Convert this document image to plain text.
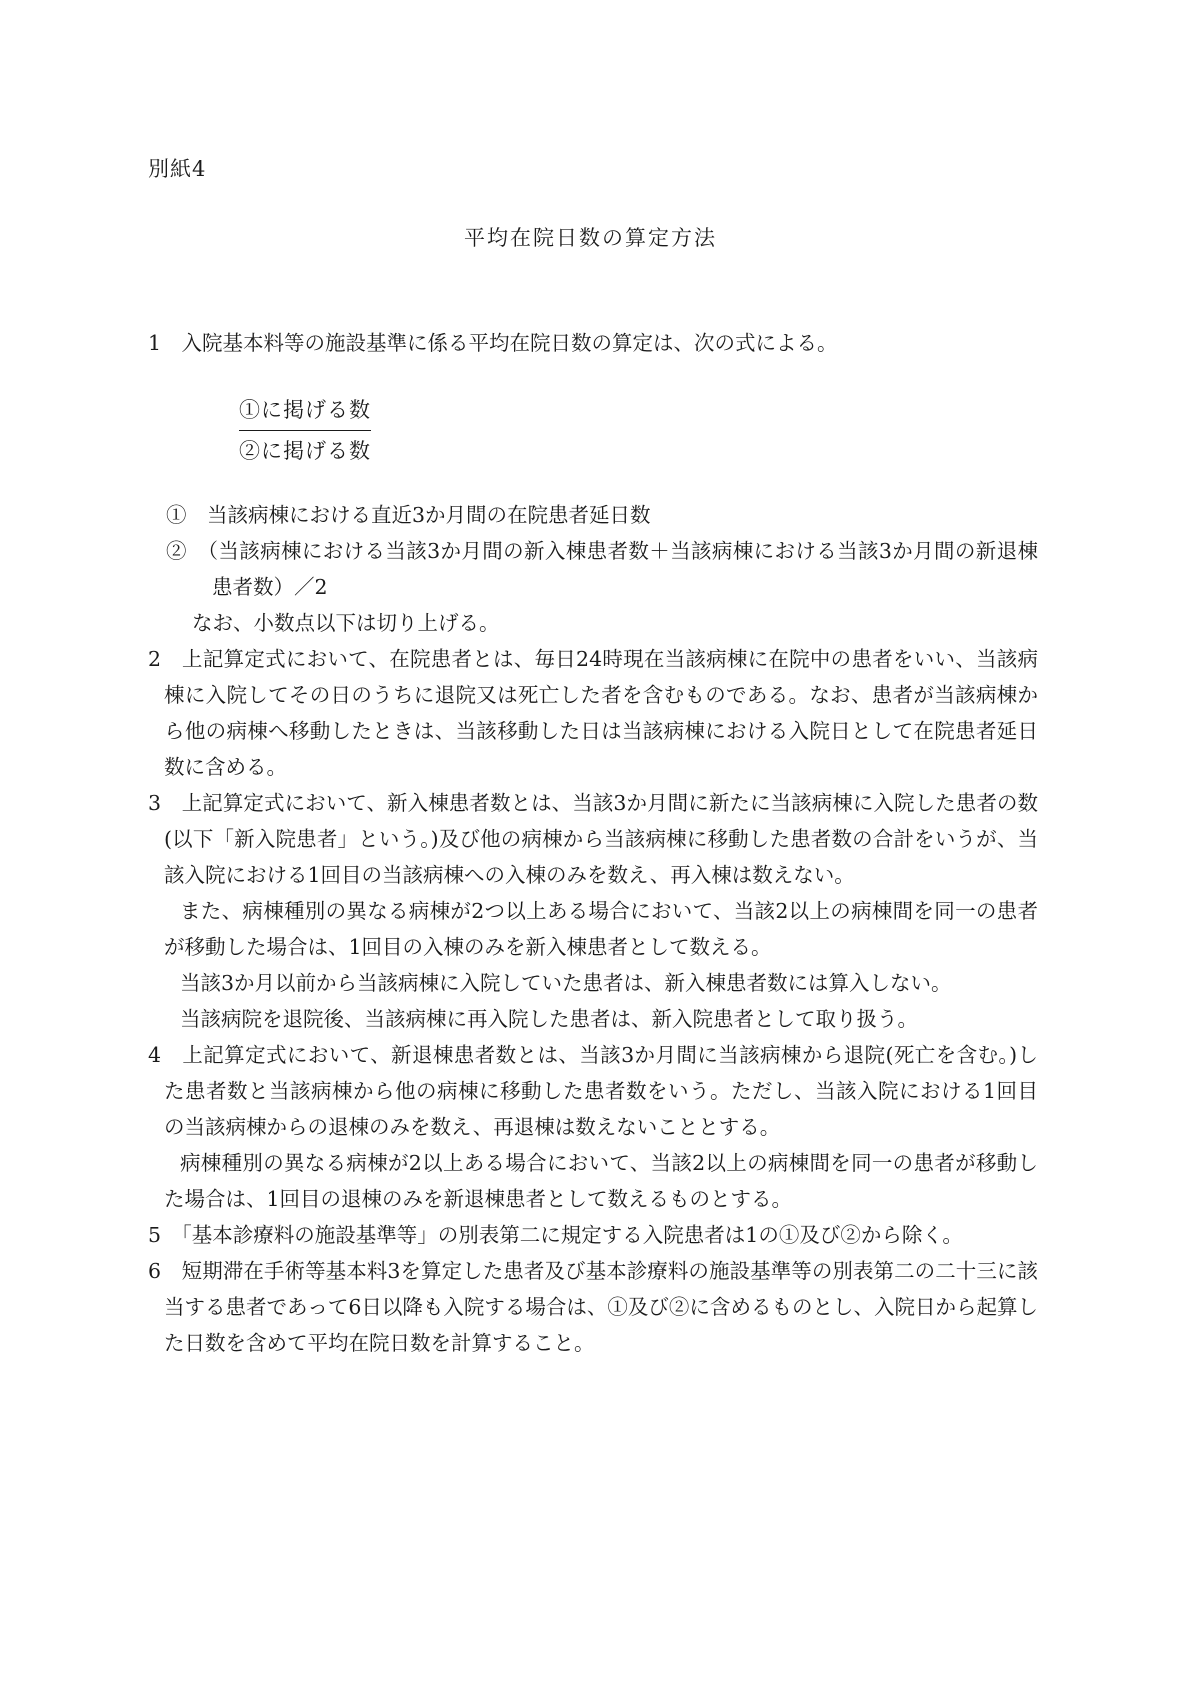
別紙4
平均在院日数の算定方法

1　入院基本料等の施設基準に係る平均在院日数の算定は、次の式による。

①に掲げる数
②に掲げる数

①　当該病棟における直近3か月間の在院患者延日数

②　（当該病棟における当該3か月間の新入棟患者数＋当該病棟における当該3か月間の新退棟患者数）／2

なお、小数点以下は切り上げる。

2　上記算定式において、在院患者とは、毎日24時現在当該病棟に在院中の患者をいい、当該病棟に入院してその日のうちに退院又は死亡した者を含むものである。なお、患者が当該病棟から他の病棟へ移動したときは、当該移動した日は当該病棟における入院日として在院患者延日数に含める。

3　上記算定式において、新入棟患者数とは、当該3か月間に新たに当該病棟に入院した患者の数(以下「新入院患者」という。)及び他の病棟から当該病棟に移動した患者数の合計をいうが、当該入院における1回目の当該病棟への入棟のみを数え、再入棟は数えない。

また、病棟種別の異なる病棟が2つ以上ある場合において、当該2以上の病棟間を同一の患者が移動した場合は、1回目の入棟のみを新入棟患者として数える。

当該3か月以前から当該病棟に入院していた患者は、新入棟患者数には算入しない。

当該病院を退院後、当該病棟に再入院した患者は、新入院患者として取り扱う。

4　上記算定式において、新退棟患者数とは、当該3か月間に当該病棟から退院(死亡を含む。)した患者数と当該病棟から他の病棟に移動した患者数をいう。ただし、当該入院における1回目の当該病棟からの退棟のみを数え、再退棟は数えないこととする。

病棟種別の異なる病棟が2以上ある場合において、当該2以上の病棟間を同一の患者が移動した場合は、1回目の退棟のみを新退棟患者として数えるものとする。

5　「基本診療料の施設基準等」の別表第二に規定する入院患者は1の①及び②から除く。

6　短期滞在手術等基本料3を算定した患者及び基本診療料の施設基準等の別表第二の二十三に該当する患者であって6日以降も入院する場合は、①及び②に含めるものとし、入院日から起算した日数を含めて平均在院日数を計算すること。
